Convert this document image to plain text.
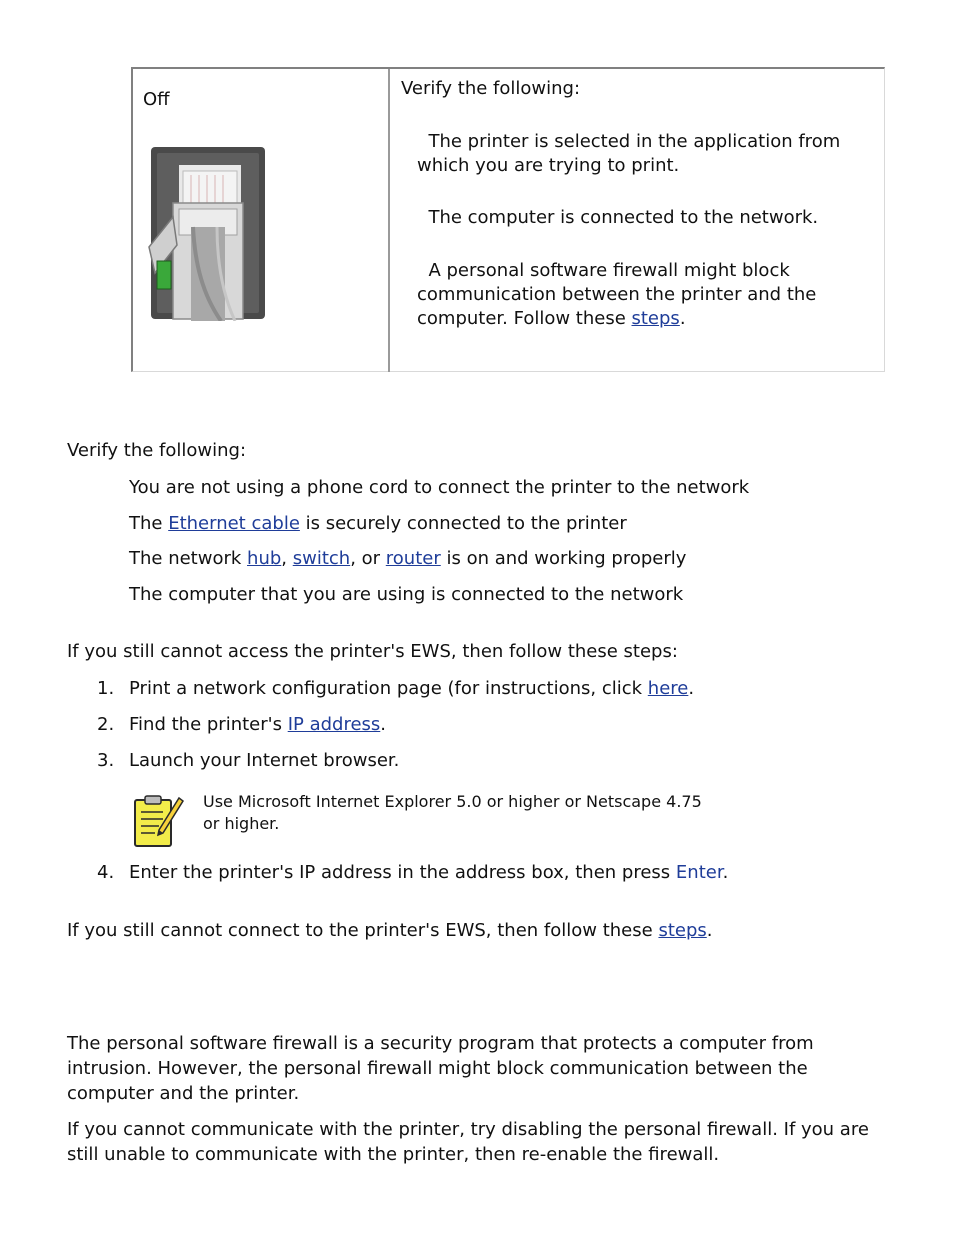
Off
Verify the following:
The printer is selected in the application from which you are trying to print.
The computer is connected to the network.
A personal software firewall might block communication between the printer and the computer. Follow these steps.
Verify the following:
You are not using a phone cord to connect the printer to the network
The Ethernet cable is securely connected to the printer
The network hub, switch, or router is on and working properly
The computer that you are using is connected to the network
If you still cannot access the printer's EWS, then follow these steps:
1. Print a network configuration page (for instructions, click here.
2. Find the printer's IP address.
3. Launch your Internet browser.
Use Microsoft Internet Explorer 5.0 or higher or Netscape 4.75 or higher.
4. Enter the printer's IP address in the address box, then press Enter.
If you still cannot connect to the printer's EWS, then follow these steps.
The personal software firewall is a security program that protects a computer from intrusion. However, the personal firewall might block communication between the computer and the printer.
If you cannot communicate with the printer, try disabling the personal firewall. If you are still unable to communicate with the printer, then re-enable the firewall.
